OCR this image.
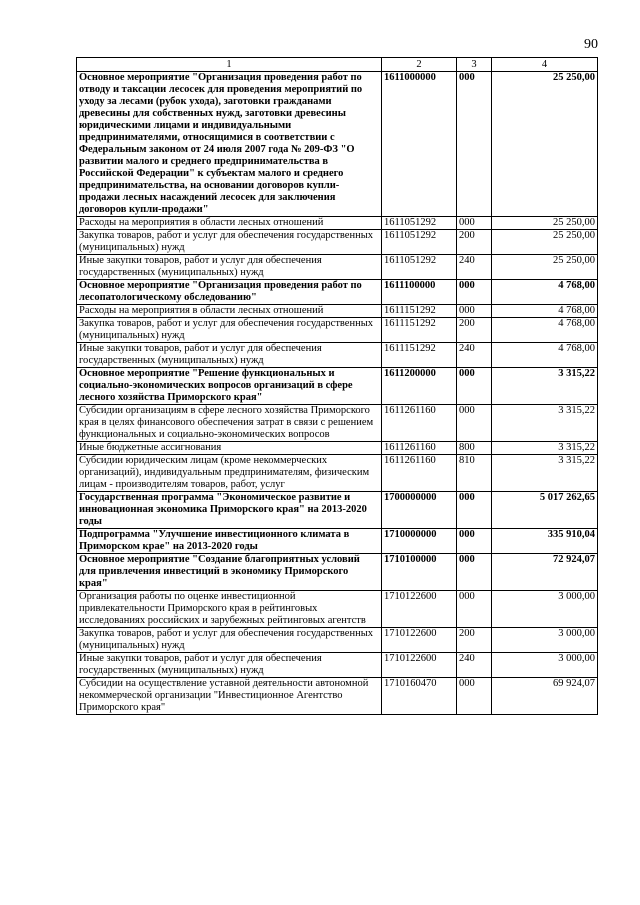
90
1	2	3	4
Основное мероприятие "Организация проведения работ по отводу и таксации лесосек для проведения мероприятий по уходу за лесами (рубок ухода), заготовки гражданами древесины для собственных нужд, заготовки древесины юридическими лицами и индивидуальными предпринимателями, относящимися в соответствии с Федеральным законом от 24 июля 2007 года № 209-ФЗ "О развитии малого и среднего предпринимательства в Российской Федерации" к субъектам малого и среднего предпринимательства, на основании договоров купли-продажи лесных насаждений лесосек для заключения договоров купли-продажи"	1611000000	000	25 250,00
Расходы на мероприятия в области лесных отношений	1611051292	000	25 250,00
Закупка товаров, работ и услуг для обеспечения государственных (муниципальных) нужд	1611051292	200	25 250,00
Иные закупки товаров, работ и услуг для обеспечения государственных (муниципальных) нужд	1611051292	240	25 250,00
Основное мероприятие "Организация проведения работ по лесопатологическому обследованию"	1611100000	000	4 768,00
Расходы на мероприятия в области лесных отношений	1611151292	000	4 768,00
Закупка товаров, работ и услуг для обеспечения государственных (муниципальных) нужд	1611151292	200	4 768,00
Иные закупки товаров, работ и услуг для обеспечения государственных (муниципальных) нужд	1611151292	240	4 768,00
Основное мероприятие "Решение функциональных и социально-экономических вопросов организаций в сфере лесного хозяйства Приморского края"	1611200000	000	3 315,22
Субсидии организациям в сфере лесного хозяйства Приморского края в целях финансового обеспечения затрат в связи с решением функциональных и социально-экономических вопросов	1611261160	000	3 315,22
Иные бюджетные ассигнования	1611261160	800	3 315,22
Субсидии юридическим лицам (кроме некоммерческих организаций), индивидуальным предпринимателям, физическим лицам - производителям товаров, работ, услуг	1611261160	810	3 315,22
Государственная программа "Экономическое развитие и инновационная экономика Приморского края" на 2013-2020 годы	1700000000	000	5 017 262,65
Подпрограмма "Улучшение инвестиционного климата в Приморском крае" на 2013-2020 годы	1710000000	000	335 910,04
Основное мероприятие "Создание благоприятных условий для привлечения инвестиций в экономику Приморского края"	1710100000	000	72 924,07
Организация работы по оценке инвестиционной привлекательности Приморского края в рейтинговых исследованиях российских и зарубежных рейтинговых агентств	1710122600	000	3 000,00
Закупка товаров, работ и услуг для обеспечения государственных (муниципальных) нужд	1710122600	200	3 000,00
Иные закупки товаров, работ и услуг для обеспечения государственных (муниципальных) нужд	1710122600	240	3 000,00
Субсидии на осуществление уставной деятельности автономной некоммерческой организации "Инвестиционное Агентство Приморского края"	1710160470	000	69 924,07
